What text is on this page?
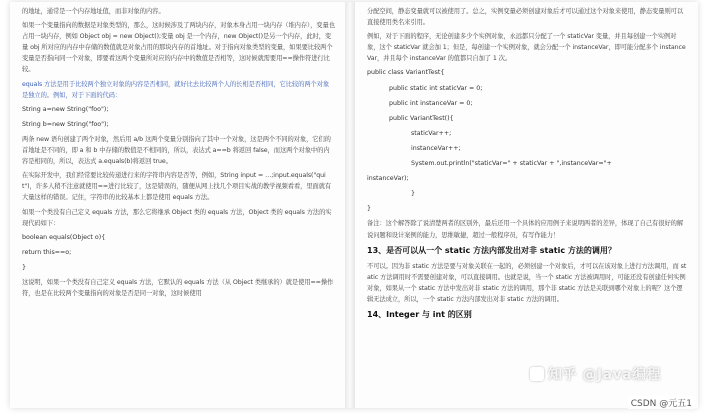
的地址，通常是一个内存地址值，而非对象的内容。

如果一个变量指向的数据是对象类型的，那么，这时候涉及了两块内存，对象本身占用一块内存（堆内存），变量也占用一块内存，例如 Object obj = new Object();变量 obj 是一个内存，new Object()是另一个内存，此时，变量 obj 所对应的内存中存储的数值就是对象占用的那块内存的首地址。对于指向对象类型的变量，如果要比较两个变量是否指向同一个对象，即要看这两个变量所对应的内存中的数值是否相等，这时候就需要用==操作符进行比较。

equals 方法是用于比较两个独立对象的内容是否相同，就好比去比较两个人的长相是否相同，它比较的两个对象是独立的。例如，对于下面的代码：

String a=new String("foo");

String b=new String("foo");

两条 new 语句创建了两个对象，然后用 a/b 这两个变量分别指向了其中一个对象，这是两个不同的对象，它们的首地址是不同的，即 a 和 b 中存储的数值是不相同的，所以，表达式 a==b 将返回 false，而这两个对象中的内容是相同的，所以，表达式 a.equals(b)将返回 true。

在实际开发中，我们经常要比较传递进行来的字符串内容是否等，例如，String input = …;input.equals("quit")，许多人稍不注意就使用==进行比较了，这是错误的，随便从网上找几个项目实战的教学视频看看，里面就有大量这样的错误。记住，字符串的比较基本上都是使用 equals 方法。

如果一个类没有自己定义 equals 方法，那么它将继承 Object 类的 equals 方法，Object 类的 equals 方法的实现代码如下：

boolean equals(Object o){

return this==o;

}

这说明，如果一个类没有自己定义 equals 方法，它默认的 equals 方法（从 Object 类继承的）就是使用==操作符，也是在比较两个变量指向的对象是否是同一对象，这时候使用

分配空间，静态变量就可以被使用了。总之，实例变量必须创建对象后才可以通过这个对象来使用，静态变量则可以直接使用类名来引用。

例如，对于下面的程序，无论创建多少个实例对象，永远都只分配了一个 staticVar 变量，并且每创建一个实例对象，这个 staticVar 就会加 1；但是，每创建一个实例对象，就会分配一个 instanceVar，即可能分配多个 instanceVar，并且每个 instanceVar 的值都只自加了 1 次。

public class VariantTest{
public static int staticVar = 0;
public int instanceVar = 0;
public VariantTest(){
staticVar++;
instanceVar++;
System.out.println("staticVar=" + staticVar + ",instanceVar="+
instanceVar);
}
}

备注：这个解答除了说清楚两者的区别外，最后还用一个具体的应用例子来说明两者的差异，体现了自己有很好的解说问题和设计案例的能力，思维敏捷，超过一般程序员，有写作能力！

13、是否可以从一个 static 方法内部发出对非 static 方法的调用？

不可以。因为非 static 方法是要与对象关联在一起的，必须创建一个对象后，才可以在该对象上进行方法调用，而 static 方法调用时不需要创建对象，可以直接调用。也就是说，当一个 static 方法被调用时，可能还没有创建任何实例对象，如果从一个 static 方法中发出对非 static 方法的调用，那个非 static 方法是关联到哪个对象上的呢？这个逻辑无法成立，所以，一个 static 方法内部发出对非 static 方法的调用。

14、Integer 与 int 的区别
知乎 @Java编程
CSDN @元五1
